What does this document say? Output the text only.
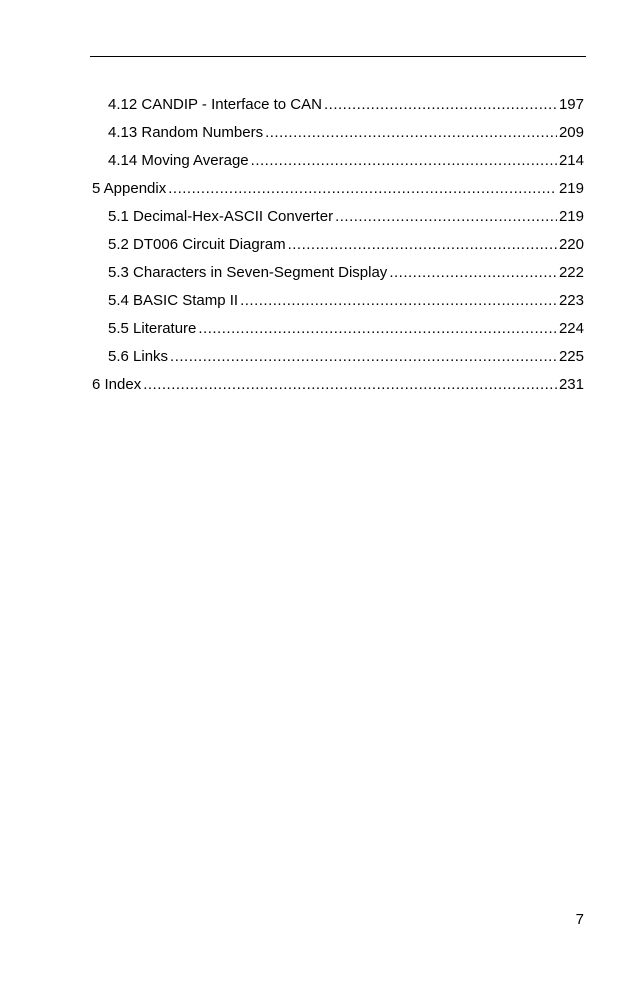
4.12 CANDIP - Interface to CAN .....	197
4.13 Random Numbers .....	209
4.14 Moving Average .....	214
5 Appendix .....	219
5.1 Decimal-Hex-ASCII Converter .....	219
5.2 DT006 Circuit Diagram .....	220
5.3 Characters in Seven-Segment Display .....	222
5.4 BASIC Stamp II .....	223
5.5 Literature .....	224
5.6 Links .....	225
6 Index .....	231
7
